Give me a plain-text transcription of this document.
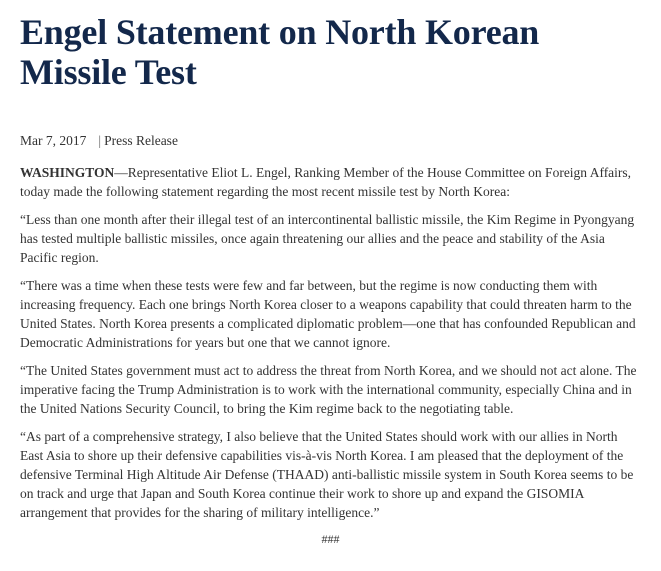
Engel Statement on North Korean Missile Test
Mar 7, 2017 | Press Release

WASHINGTON—Representative Eliot L. Engel, Ranking Member of the House Committee on Foreign Affairs, today made the following statement regarding the most recent missile test by North Korea:

“Less than one month after their illegal test of an intercontinental ballistic missile, the Kim Regime in Pyongyang has tested multiple ballistic missiles, once again threatening our allies and the peace and stability of the Asia Pacific region.

“There was a time when these tests were few and far between, but the regime is now conducting them with increasing frequency. Each one brings North Korea closer to a weapons capability that could threaten harm to the United States. North Korea presents a complicated diplomatic problem—one that has confounded Republican and Democratic Administrations for years but one that we cannot ignore.

“The United States government must act to address the threat from North Korea, and we should not act alone. The imperative facing the Trump Administration is to work with the international community, especially China and in the United Nations Security Council, to bring the Kim regime back to the negotiating table.

“As part of a comprehensive strategy, I also believe that the United States should work with our allies in North East Asia to shore up their defensive capabilities vis-à-vis North Korea. I am pleased that the deployment of the defensive Terminal High Altitude Air Defense (THAAD) anti-ballistic missile system in South Korea seems to be on track and urge that Japan and South Korea continue their work to shore up and expand the GISOMIA arrangement that provides for the sharing of military intelligence.”

###
